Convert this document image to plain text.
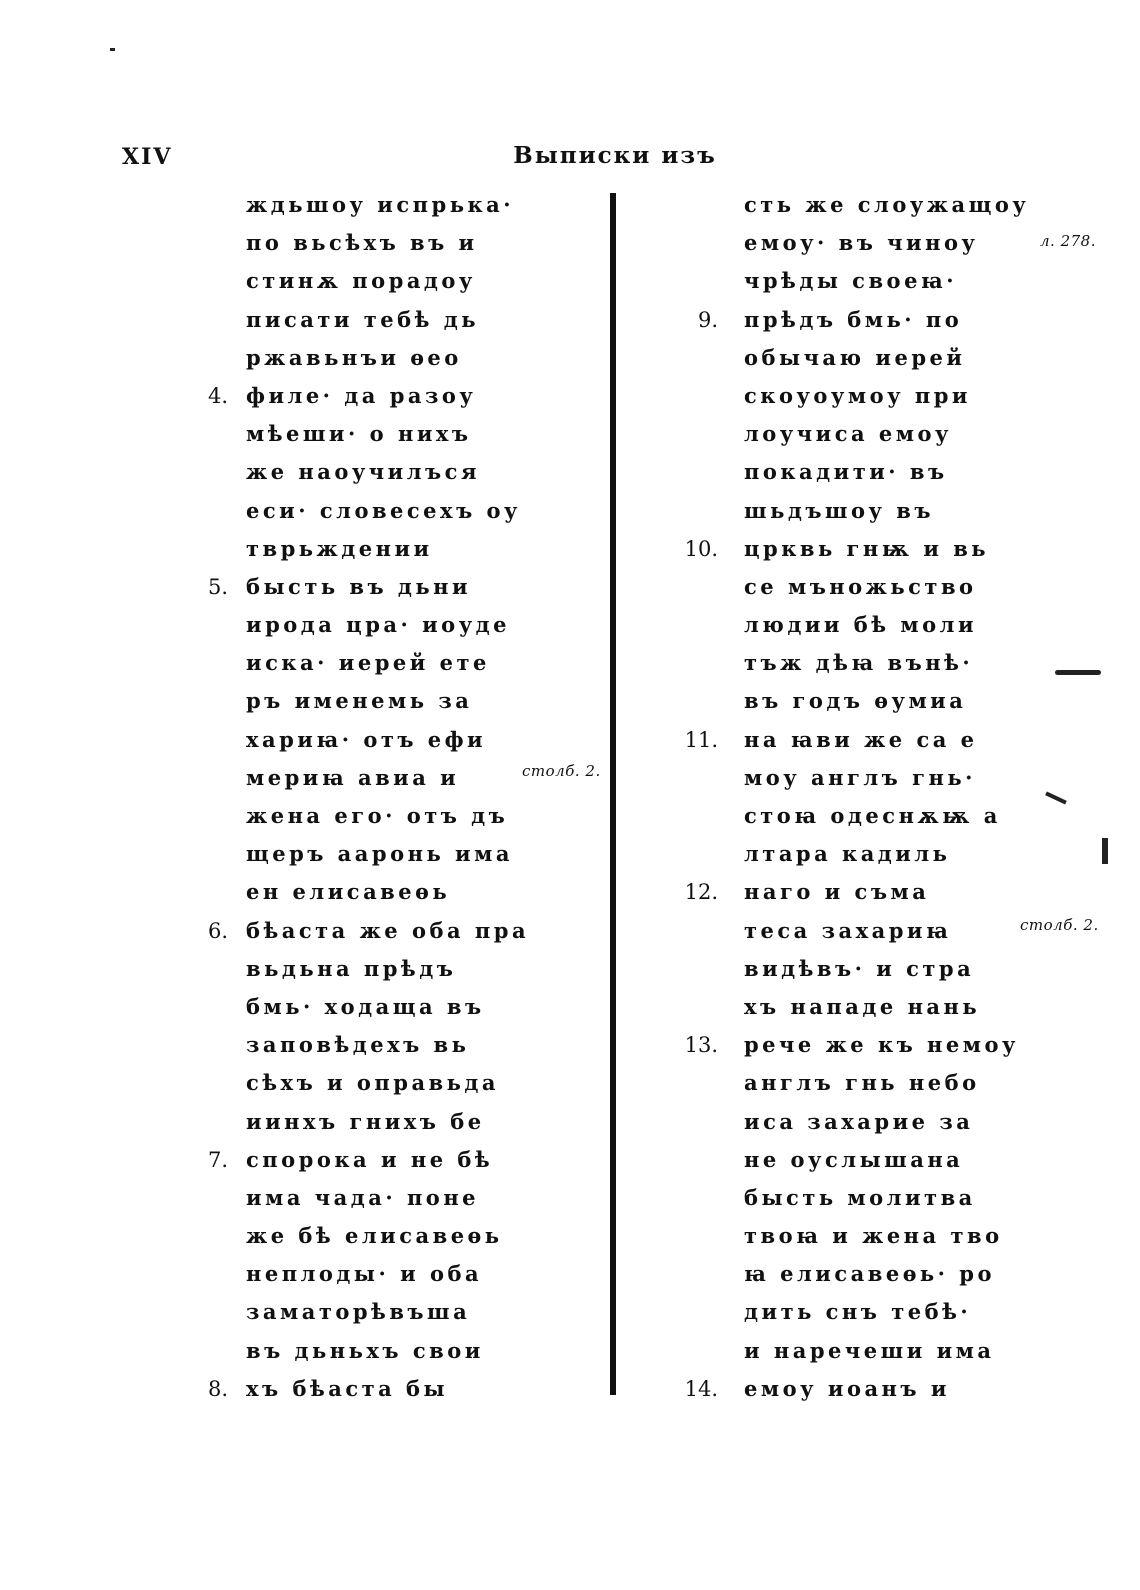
XIV	Выписки изъ
ждьшоу испрька·
по вьсѣхъ въ и
стинѫ порадоу
писати тебѣ дь
ржавьнъи ѳео
4. филе· да разоу
мѣеши· о нихъ
же наоучилъся
еси· словесехъ оу
тврьждении
5. бысть въ дьни
ирода цра· иоуде
иска· иерей ете
ръ именемь за
хариꙗ· отъ ефи
мериꙗ авиа и
жена его· отъ дъ
щеръ ааронь има
ен елисавеѳь
6. бѣаста же оба пра
вьдьна прѣдъ
бмь· ходаща въ
заповѣдехъ вь
сѣхъ и оправьда
иинхъ гнихъ бе
7. спорока и не бѣ
има чада· поне
же бѣ елисавеѳь
неплоды· и оба
заматорѣвъша
въ дьньхъ свои
8. хъ бѣаста бы
сть же слоужащоу
емоу· въ чиноу
чрѣды своеꙗ·
9. прѣдъ бмь· по
обычаю иерей
скоуоумоу при
лоучиса емоу
покадити· въ
шьдъшоу въ
10. црквь гнѭ и вь
се мъножьство
людии бѣ моли
тъж дѣꙗ вънѣ·
въ годъ ѳумиа
11. на ꙗви же са е
моу англъ гнь·
стоꙗ одеснѫѭ а
лтара кадиль
12. наго и съма
теса захариꙗ
видѣвъ· и стра
хъ нападе нань
13. рече же къ немоу
англъ гнь небо
иса захарие за
не оуслышана
бысть молитва
твоꙗ и жена тво
ꙗ елисавеѳь· ро
дить снъ тебѣ·
и наречеши има
14. емоу иоанъ и
столб. 2.
л. 278.
столб. 2.
